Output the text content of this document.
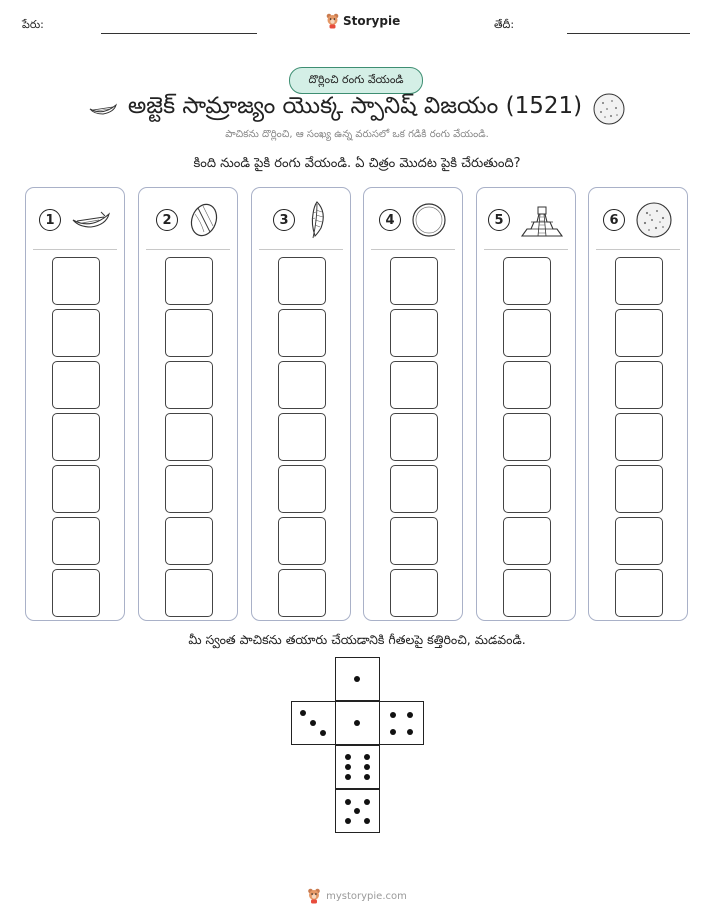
పేరు:	Storypie	తేదీ:
దొర్లించి రంగు వేయండి
అజ్టెక్ సామ్రాజ్యం యొక్క స్పానిష్ విజయం (1521)
పాచికను దొర్లించి, ఆ సంఖ్య ఉన్న వరుసలో ఒక గడికి రంగు వేయండి.
కింది నుండి పైకి రంగు వేయండి. ఏ చిత్రం మొదట పైకి చేరుతుంది?
1	2	3	4	5	6
మీ స్వంత పాచికను తయారు చేయడానికి గీతలపై కత్తిరించి, మడవండి.
mystorypie.com
